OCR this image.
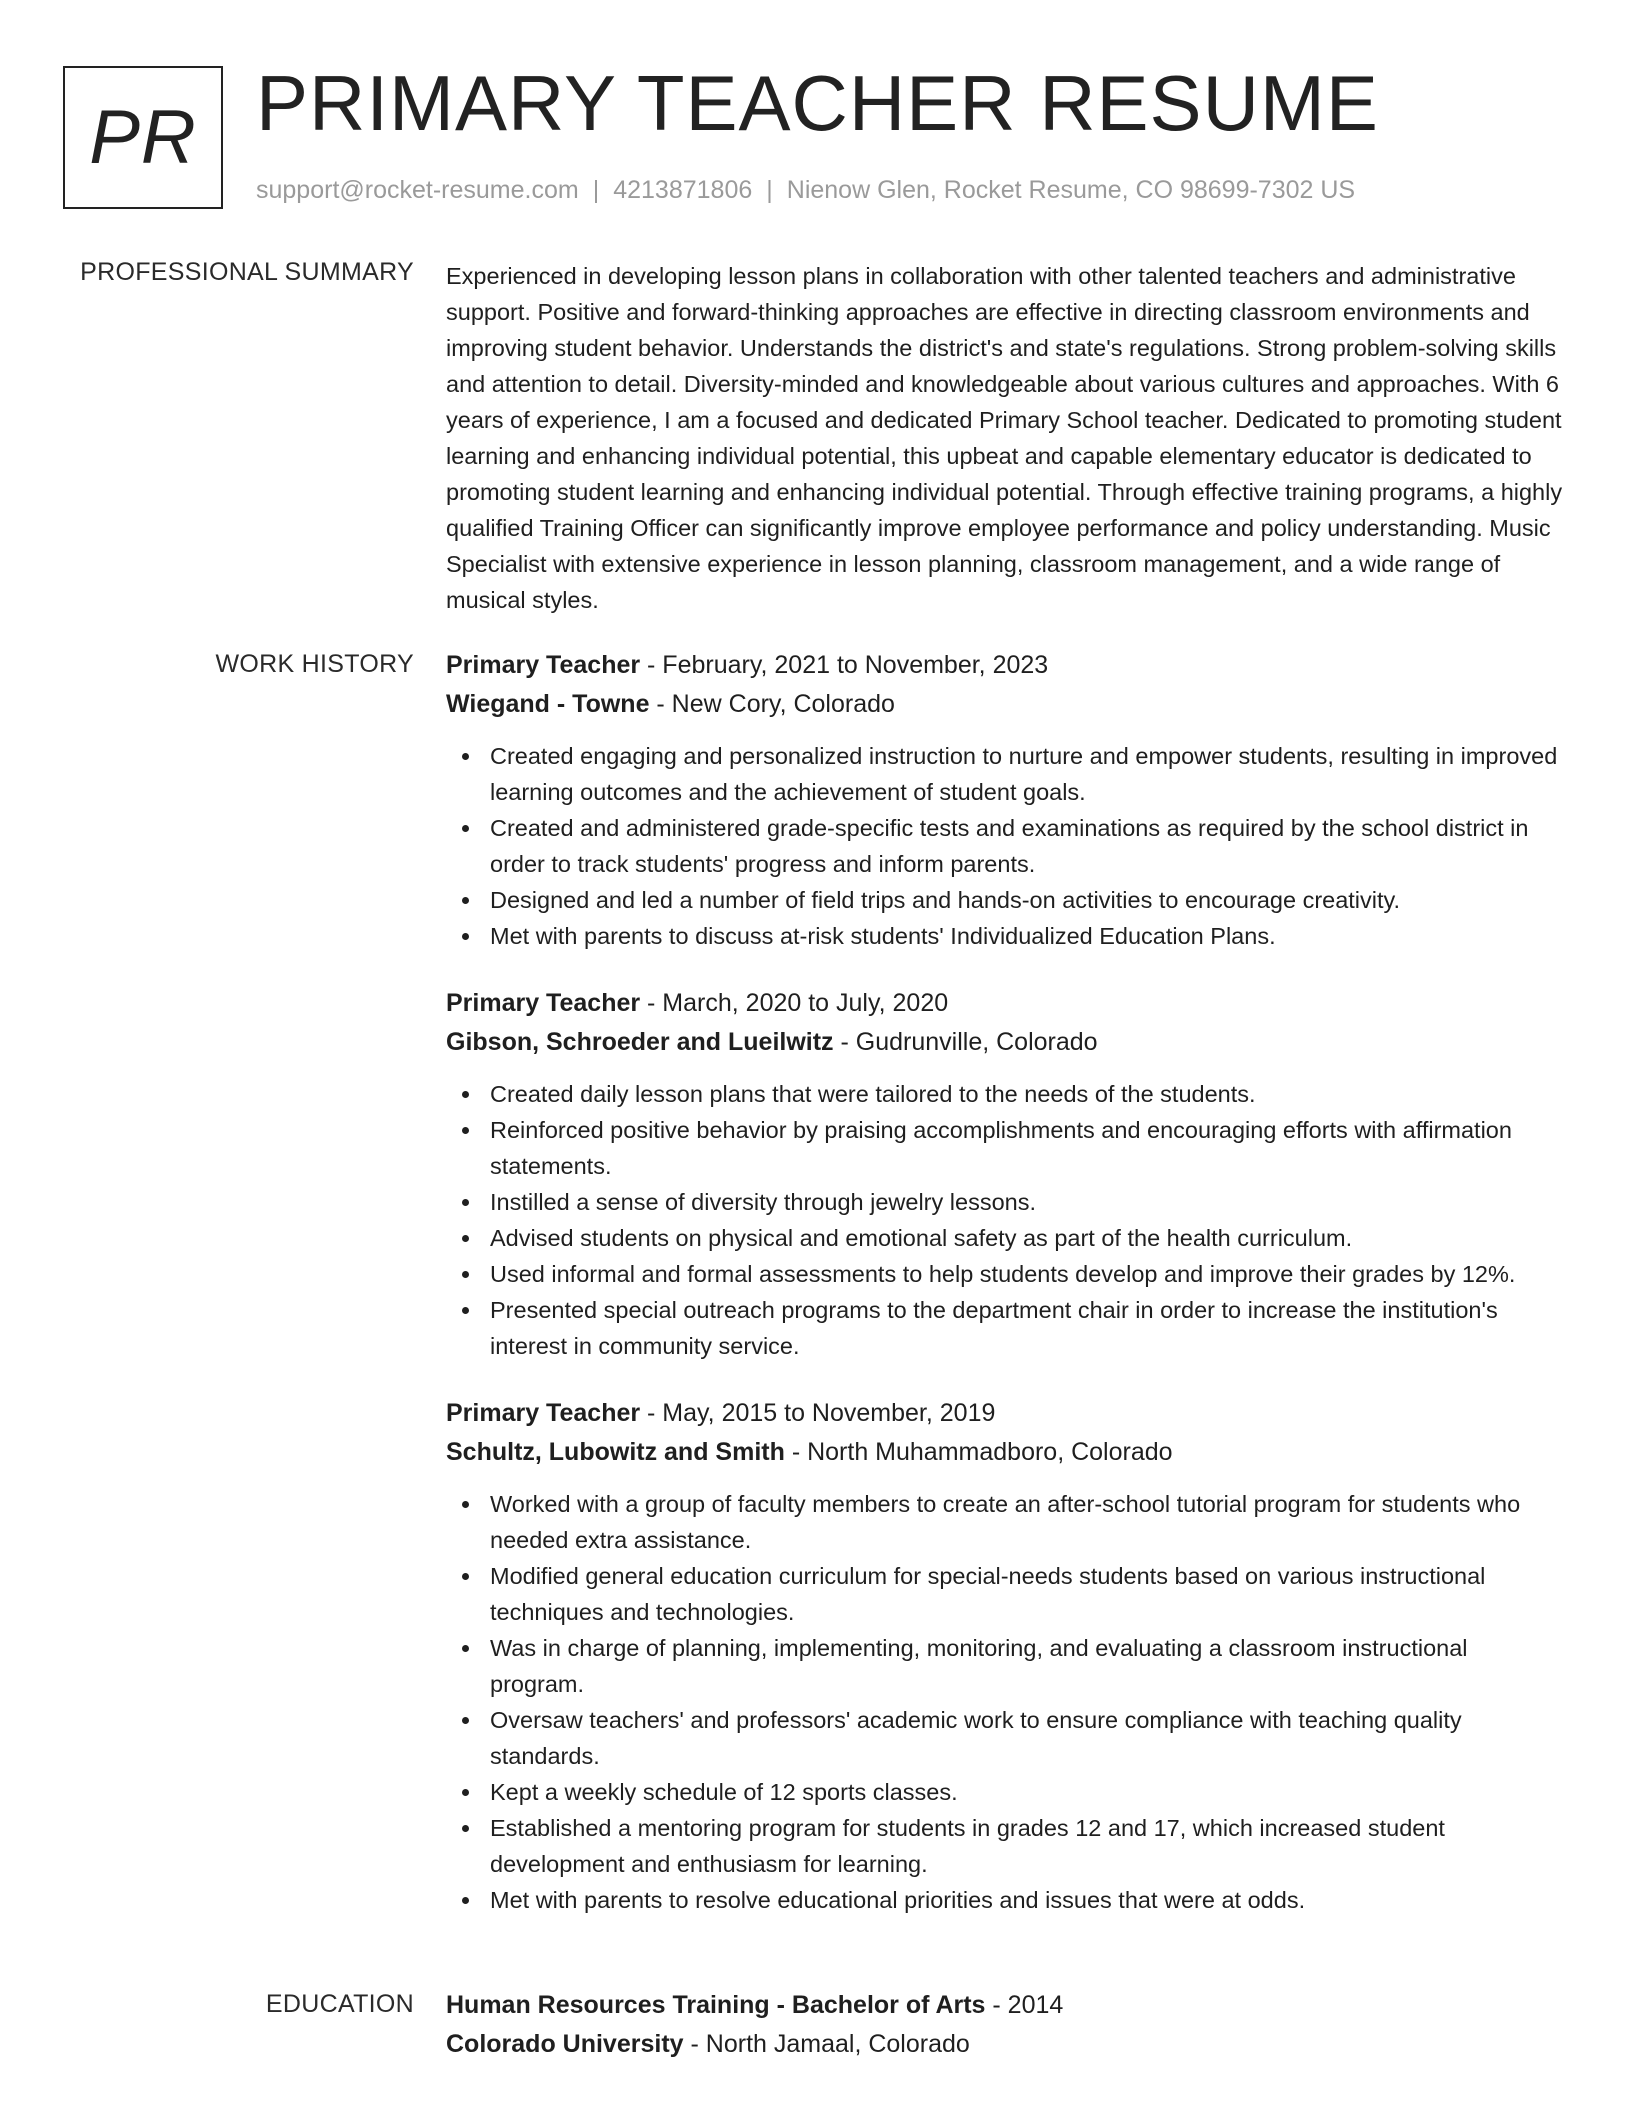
PR PRIMARY TEACHER RESUME
support@rocket-resume.com | 4213871806 | Nienow Glen, Rocket Resume, CO 98699-7302 US
PROFESSIONAL SUMMARY Experienced in developing lesson plans in collaboration with other talented teachers and administrative support. Positive and forward-thinking approaches are effective in directing classroom environments and improving student behavior. Understands the district's and state's regulations. Strong problem-solving skills and attention to detail. Diversity-minded and knowledgeable about various cultures and approaches. With 6 years of experience, I am a focused and dedicated Primary School teacher. Dedicated to promoting student learning and enhancing individual potential, this upbeat and capable elementary educator is dedicated to promoting student learning and enhancing individual potential. Through effective training programs, a highly qualified Training Officer can significantly improve employee performance and policy understanding. Music Specialist with extensive experience in lesson planning, classroom management, and a wide range of musical styles.
WORK HISTORY Primary Teacher - February, 2021 to November, 2023
Wiegand - Towne - New Cory, Colorado
Created engaging and personalized instruction to nurture and empower students, resulting in improved learning outcomes and the achievement of student goals.
Created and administered grade-specific tests and examinations as required by the school district in order to track students' progress and inform parents.
Designed and led a number of field trips and hands-on activities to encourage creativity.
Met with parents to discuss at-risk students' Individualized Education Plans.
Primary Teacher - March, 2020 to July, 2020
Gibson, Schroeder and Lueilwitz - Gudrunville, Colorado
Created daily lesson plans that were tailored to the needs of the students.
Reinforced positive behavior by praising accomplishments and encouraging efforts with affirmation statements.
Instilled a sense of diversity through jewelry lessons.
Advised students on physical and emotional safety as part of the health curriculum.
Used informal and formal assessments to help students develop and improve their grades by 12%.
Presented special outreach programs to the department chair in order to increase the institution's interest in community service.
Primary Teacher - May, 2015 to November, 2019
Schultz, Lubowitz and Smith - North Muhammadboro, Colorado
Worked with a group of faculty members to create an after-school tutorial program for students who needed extra assistance.
Modified general education curriculum for special-needs students based on various instructional techniques and technologies.
Was in charge of planning, implementing, monitoring, and evaluating a classroom instructional program.
Oversaw teachers' and professors' academic work to ensure compliance with teaching quality standards.
Kept a weekly schedule of 12 sports classes.
Established a mentoring program for students in grades 12 and 17, which increased student development and enthusiasm for learning.
Met with parents to resolve educational priorities and issues that were at odds.
EDUCATION Human Resources Training - Bachelor of Arts - 2014
Colorado University - North Jamaal, Colorado
